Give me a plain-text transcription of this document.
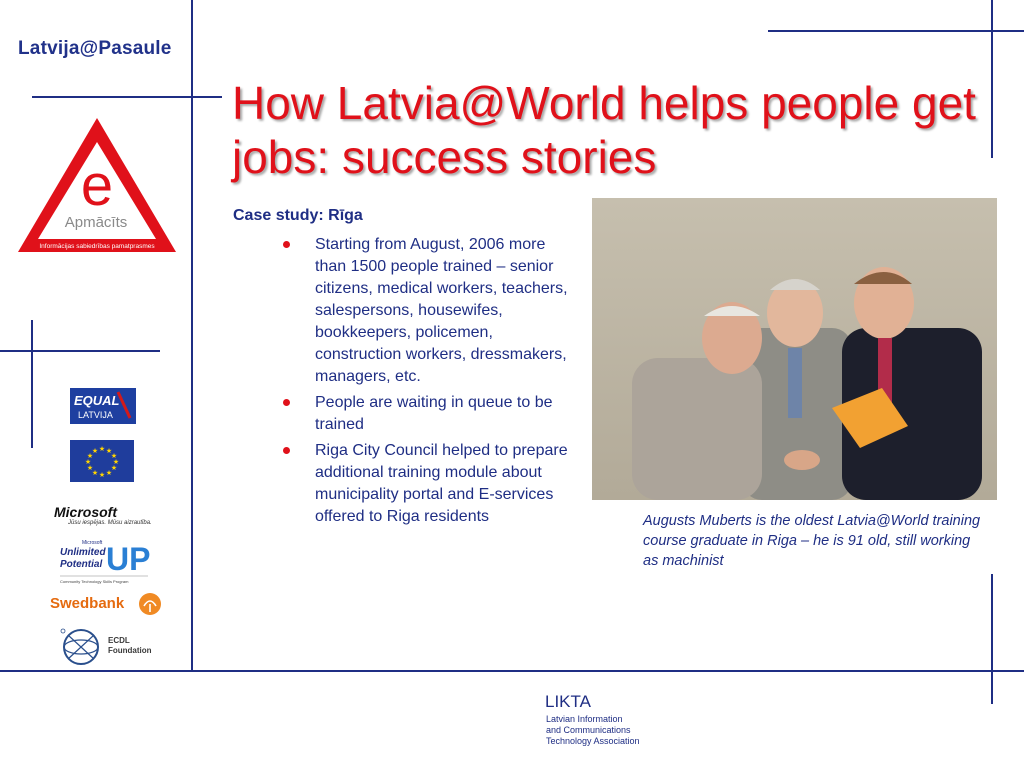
Latvija@Pasaule
e
Apmācīts
Informācijas sabiedrības pamatprasmes
EQUAL
LATVIJA
★ ★
★
★
★
★
★
★
★
★
★
★
Microsoft
Jūsu iespējas. Mūsu aizrautība.
Microsoft
Unlimited
Potential UP
Community Technology Skills Program
Swedbank
ECDL
Foundation
How Latvia@World helps people get jobs: success stories
Case study: Rīga
Starting from August, 2006 more than 1500 people trained – senior citizens, medical workers, teachers, salespersons, housewifes, bookkeepers, policemen, construction workers, dressmakers, managers, etc.
People are waiting in queue to be trained
Riga City Council helped to prepare additional training module about municipality portal and E-services offered to Riga residents	Augusts Muberts is the oldest Latvia@World training course graduate in Riga – he is 91 old, still working as machinist
LIKTA
Latvian Information
and Communications
Technology Association
